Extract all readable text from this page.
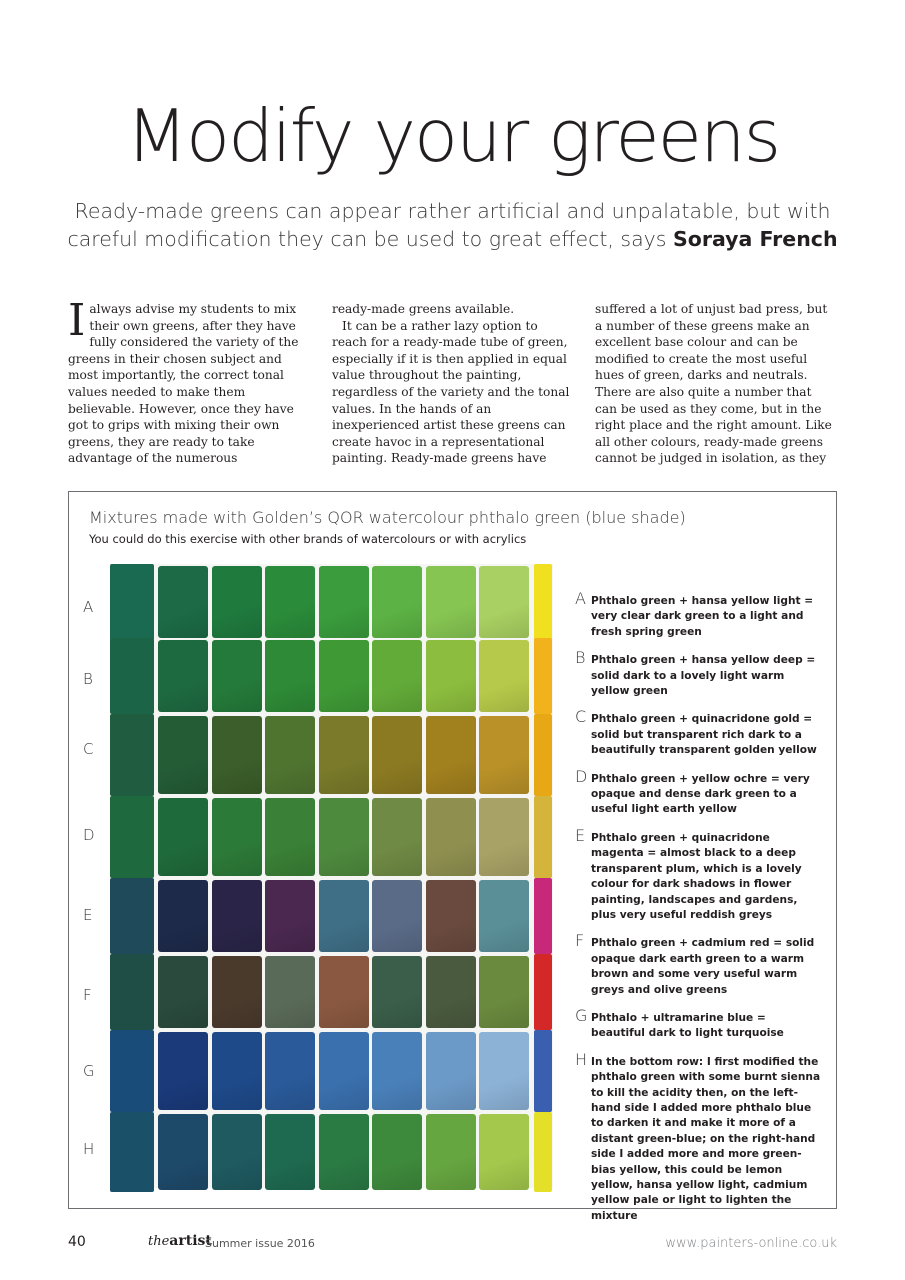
Modify your greens
Ready-made greens can appear rather artificial and unpalatable, but with careful modification they can be used to great effect, says Soraya French
I always advise my students to mix their own greens, after they have fully considered the variety of the greens in their chosen subject and most importantly, the correct tonal values needed to make them believable. However, once they have got to grips with mixing their own greens, they are ready to take advantage of the numerous

ready-made greens available.

It can be a rather lazy option to reach for a ready-made tube of green, especially if it is then applied in equal value throughout the painting, regardless of the variety and the tonal values. In the hands of an inexperienced artist these greens can create havoc in a representational painting. Ready-made greens have

suffered a lot of unjust bad press, but a number of these greens make an excellent base colour and can be modified to create the most useful hues of green, darks and neutrals. There are also quite a number that can be used as they come, but in the right place and the right amount. Like all other colours, ready-made greens cannot be judged in isolation, as they

Mixtures made with Golden’s QOR watercolour phthalo green (blue shade)
You could do this exercise with other brands of watercolours or with acrylics
A
B
C
D
E
F
G
H
A Phthalo green + hansa yellow light = very clear dark green to a light and fresh spring green
B Phthalo green + hansa yellow deep = solid dark to a lovely light warm yellow green
C Phthalo green + quinacridone gold = solid but transparent rich dark to a beautifully transparent golden yellow
D Phthalo green + yellow ochre = very opaque and dense dark green to a useful light earth yellow
E Phthalo green + quinacridone magenta = almost black to a deep transparent plum, which is a lovely colour for dark shadows in flower painting, landscapes and gardens, plus very useful reddish greys
F Phthalo green + cadmium red = solid opaque dark earth green to a warm brown and some very useful warm greys and olive greens
G Phthalo + ultramarine blue = beautiful dark to light turquoise
H In the bottom row: I first modified the phthalo green with some burnt sienna to kill the acidity then, on the left-hand side I added more phthalo blue to darken it and make it more of a distant green-blue; on the right-hand side I added more and more green-bias yellow, this could be lemon yellow, hansa yellow light, cadmium yellow pale or light to lighten the mixture
40	theartist
Summer issue 2016	www.painters-online.co.uk
